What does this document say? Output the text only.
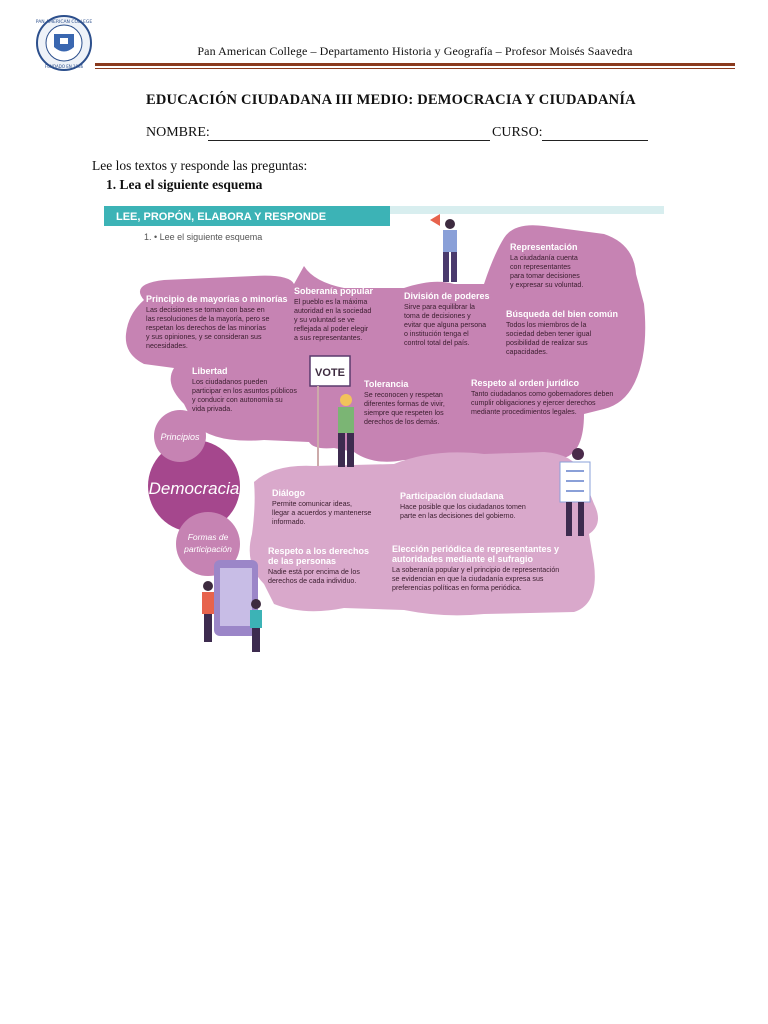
PAN AMERICAN COLLEGE
FUNDADO EN 1986
Pan American College – Departamento Historia y Geografía – Profesor Moisés Saavedra
EDUCACIÓN CIUDADANA III MEDIO: DEMOCRACIA Y CIUDADANÍA
NOMBRE:	CURSO:
Lee los textos y responde las preguntas:
1. Lea el siguiente esquema
LEE, PROPÓN, ELABORA Y RESPONDE
1. • Lee el siguiente esquema
Democracia
Principios
Formas de
participación
VOTE
Principio de mayorías o minorías
Las decisiones se toman con base en
las resoluciones de la mayoría, pero se
respetan los derechos de las minorías
y sus opiniones, y se consideran sus
necesidades.
Soberanía popular
El pueblo es la máxima
autoridad en la sociedad
y su voluntad se ve
reflejada al poder elegir
a sus representantes.
División de poderes
Sirve para equilibrar la
toma de decisiones y
evitar que alguna persona
o institución tenga el
control total del país.
Representación
La ciudadanía cuenta
con representantes
para tomar decisiones
y expresar su voluntad.
Búsqueda del bien común
Todos los miembros de la
sociedad deben tener igual
posibilidad de realizar sus
capacidades.
Libertad
Los ciudadanos pueden
participar en los asuntos públicos
y conducir con autonomía su
vida privada.
Tolerancia
Se reconocen y respetan
diferentes formas de vivir,
siempre que respeten los
derechos de los demás.
Respeto al orden jurídico
Tanto ciudadanos como gobernadores deben
cumplir obligaciones y ejercer derechos
mediante procedimientos legales.
Diálogo
Permite comunicar ideas,
llegar a acuerdos y mantenerse
informado.
Participación ciudadana
Hace posible que los ciudadanos tomen
parte en las decisiones del gobierno.
Respeto a los derechos
de las personas
Nadie está por encima de los
derechos de cada individuo.
Elección periódica de representantes y
autoridades mediante el sufragio
La soberanía popular y el principio de representación
se evidencian en que la ciudadanía expresa sus
preferencias políticas en forma periódica.
